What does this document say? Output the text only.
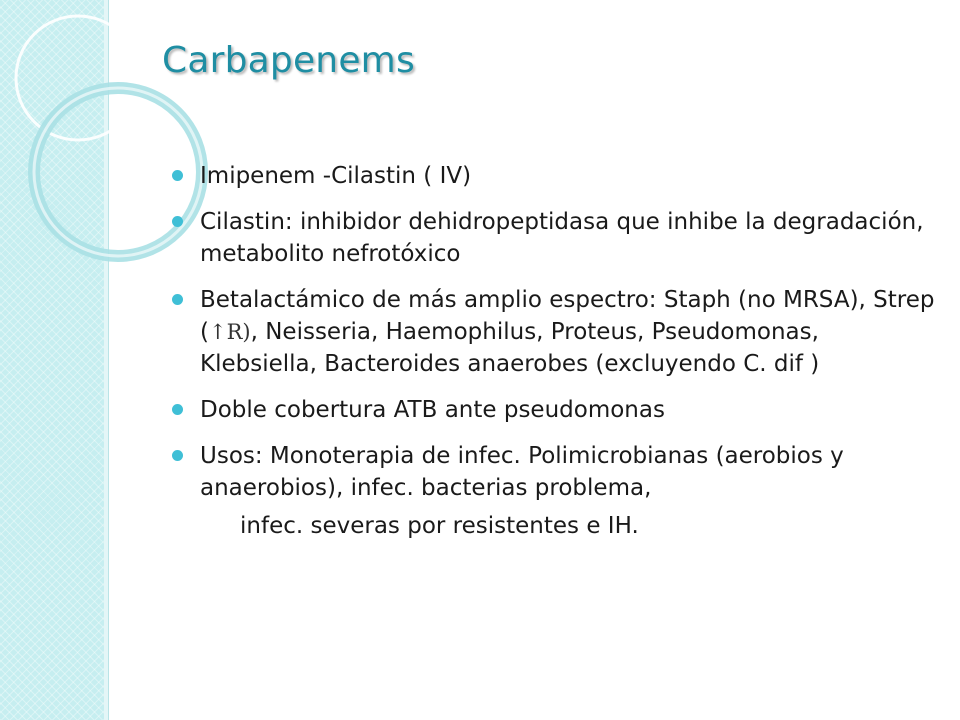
Carbapenems
Imipenem -Cilastin ( IV)
Cilastin: inhibidor dehidropeptidasa que inhibe la degradación, metabolito nefrotóxico
Betalactámico de más amplio espectro: Staph (no MRSA), Strep (↑R), Neisseria, Haemophilus, Proteus, Pseudomonas, Klebsiella, Bacteroides anaerobes (excluyendo C. dif )
Doble cobertura ATB ante pseudomonas
Usos: Monoterapia de infec. Polimicrobianas (aerobios y anaerobios), infec. bacterias problema,
infec. severas por resistentes e IH.
